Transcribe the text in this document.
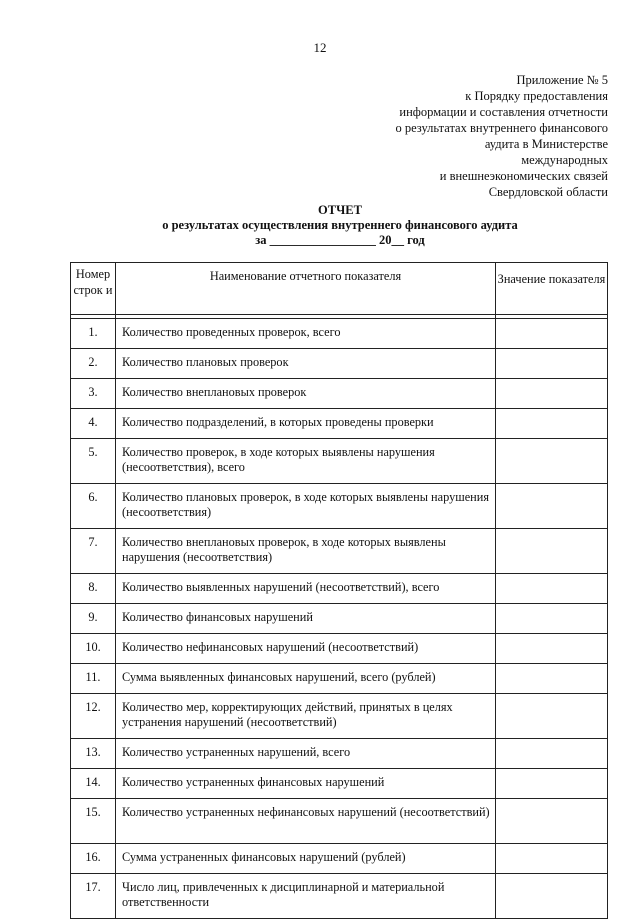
12
Приложение № 5
к Порядку предоставления
информации и составления отчетности
о результатах внутреннего финансового
аудита в Министерстве
международных
и внешнеэкономических связей
Свердловской области
ОТЧЕТ
о результатах осуществления внутреннего финансового аудита
за _________________ 20__ год
Номер строк и	Наименование отчетного показателя	Значение показателя

1.	Количество проведенных проверок, всего	
2.	Количество плановых проверок	
3.	Количество внеплановых проверок	
4.	Количество подразделений, в которых проведены проверки	
5.	Количество проверок, в ходе которых выявлены нарушения (несоответствия), всего	
6.	Количество плановых проверок, в ходе которых выявлены нарушения (несоответствия)	
7.	Количество внеплановых проверок, в ходе которых выявлены нарушения (несоответствия)	
8.	Количество выявленных нарушений (несоответствий), всего	
9.	Количество финансовых нарушений	
10.	Количество нефинансовых нарушений (несоответствий)	
11.	Сумма выявленных финансовых нарушений, всего (рублей)	
12.	Количество мер, корректирующих действий, принятых в целях устранения нарушений (несоответствий)	
13.	Количество устраненных нарушений, всего	
14.	Количество устраненных финансовых нарушений	
15.	Количество устраненных нефинансовых нарушений (несоответствий)	
16.	Сумма устраненных финансовых нарушений (рублей)	
17.	Число лиц, привлеченных к дисциплинарной и материальной ответственности	
